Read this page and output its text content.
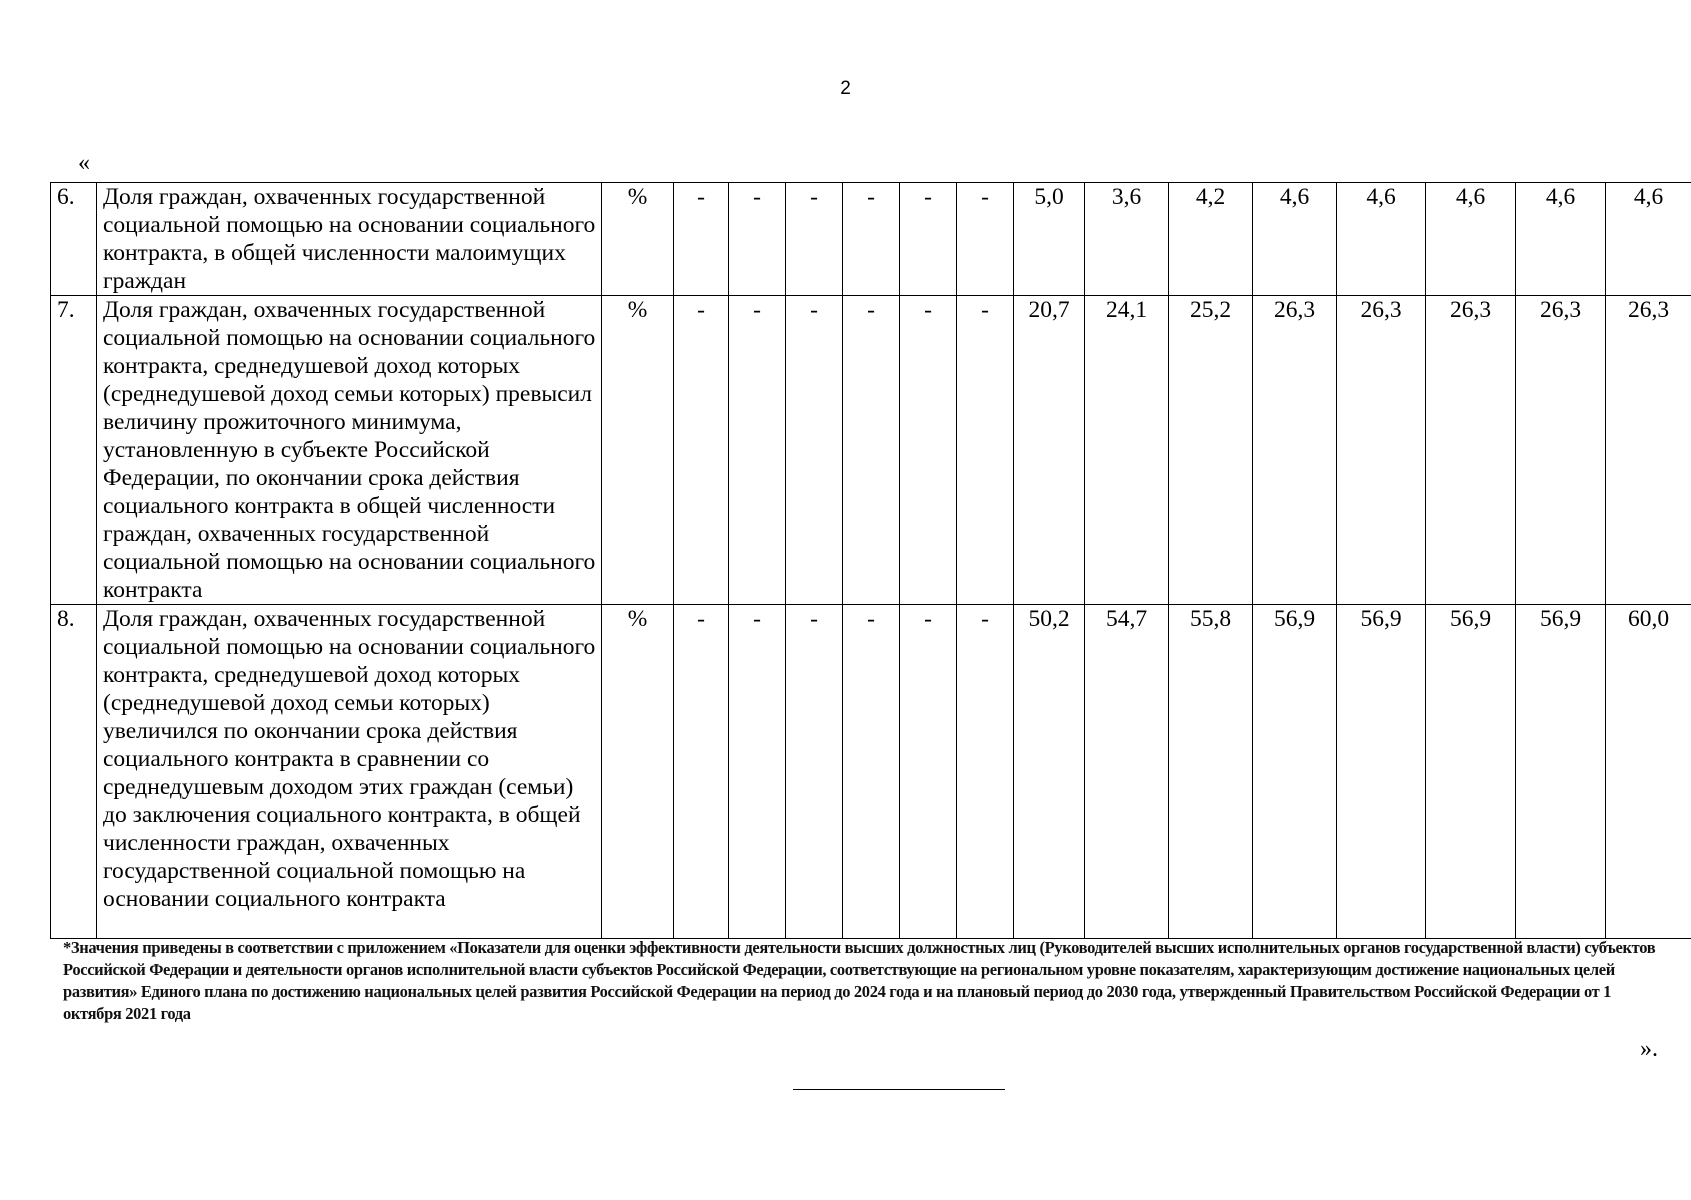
2
«
6.	Доля граждан, охваченных государственной социальной помощью на основании социального контракта, в общей численности малоимущих граждан	%	-	-	-	-	-	-	5,0	3,6	4,2	4,6	4,6	4,6	4,6	4,6
7.	Доля граждан, охваченных государственной социальной помощью на основании социального контракта, среднедушевой доход которых (среднедушевой доход семьи которых) превысил величину прожиточного минимума, установленную в субъекте Российской Федерации, по окончании срока действия социального контракта в общей численности граждан, охваченных государственной социальной помощью на основании социального контракта	%	-	-	-	-	-	-	20,7	24,1	25,2	26,3	26,3	26,3	26,3	26,3
8.	Доля граждан, охваченных государственной социальной помощью на основании социального контракта, среднедушевой доход которых (среднедушевой доход семьи которых) увеличился по окончании срока действия социального контракта в сравнении со среднедушевым доходом этих граждан (семьи) до заключения социального контракта, в общей численности граждан, охваченных государственной социальной помощью на основании социального контракта	%	-	-	-	-	-	-	50,2	54,7	55,8	56,9	56,9	56,9	56,9	60,0
*Значения приведены в соответствии с приложением «Показатели для оценки эффективности деятельности высших должностных лиц (Руководителей высших исполнительных органов государственной власти) субъектов Российской Федерации и деятельности органов исполнительной власти субъектов Российской Федерации, соответствующие на региональном уровне показателям, характеризующим достижение национальных целей развития» Единого плана по достижению национальных целей развития Российской Федерации на период до 2024 года и на плановый период до 2030 года, утвержденный Правительством Российской Федерации от 1 октября 2021 года
».
